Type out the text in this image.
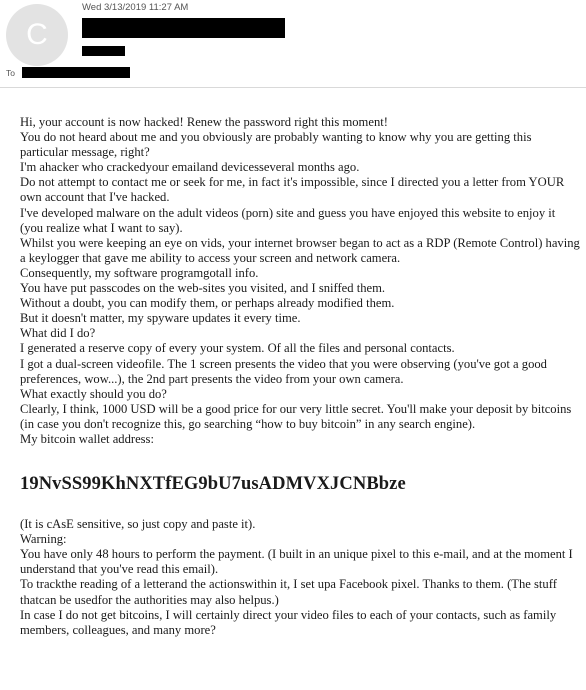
C
Wed 3/13/2019 11:27 AM
To

Hi, your account is now hacked! Renew the password right this moment!

You do not heard about me and you obviously are probably wanting to know why you are getting this particular message, right?

I'm ahacker who crackedyour emailand devicesseveral months ago.

Do not attempt to contact me or seek for me, in fact it's impossible, since I directed you a letter from YOUR own account that I've hacked.

I've developed malware on the adult videos (porn) site and guess you have enjoyed this website to enjoy it (you realize what I want to say).

Whilst you were keeping an eye on vids, your internet browser began to act as a RDP (Remote Control) having a keylogger that gave me ability to access your screen and network camera.

Consequently, my software programgotall info.

You have put passcodes on the web-sites you visited, and I sniffed them.

Without a doubt, you can modify them, or perhaps already modified them.

But it doesn't matter, my spyware updates it every time.

What did I do?

I generated a reserve copy of every your system. Of all the files and personal contacts.

I got a dual-screen videofile. The 1 screen presents the video that you were observing (you've got a good preferences, wow...), the 2nd part presents the video from your own camera.

What exactly should you do?

Clearly, I think, 1000 USD will be a good price for our very little secret. You'll make your deposit by bitcoins (in case you don't recognize this, go searching “how to buy bitcoin” in any search engine).

My bitcoin wallet address:

19NvSS99KhNXTfEG9bU7usADMVXJCNBbze

(It is cAsE sensitive, so just copy and paste it).

Warning:

You have only 48 hours to perform the payment. (I built in an unique pixel to this e-mail, and at the moment I understand that you've read this email).

To trackthe reading of a letterand the actionswithin it, I set upa Facebook pixel. Thanks to them. (The stuff thatcan be usedfor the authorities may also helpus.)

In case I do not get bitcoins, I will certainly direct your video files to each of your contacts, such as family members, colleagues, and many more?
